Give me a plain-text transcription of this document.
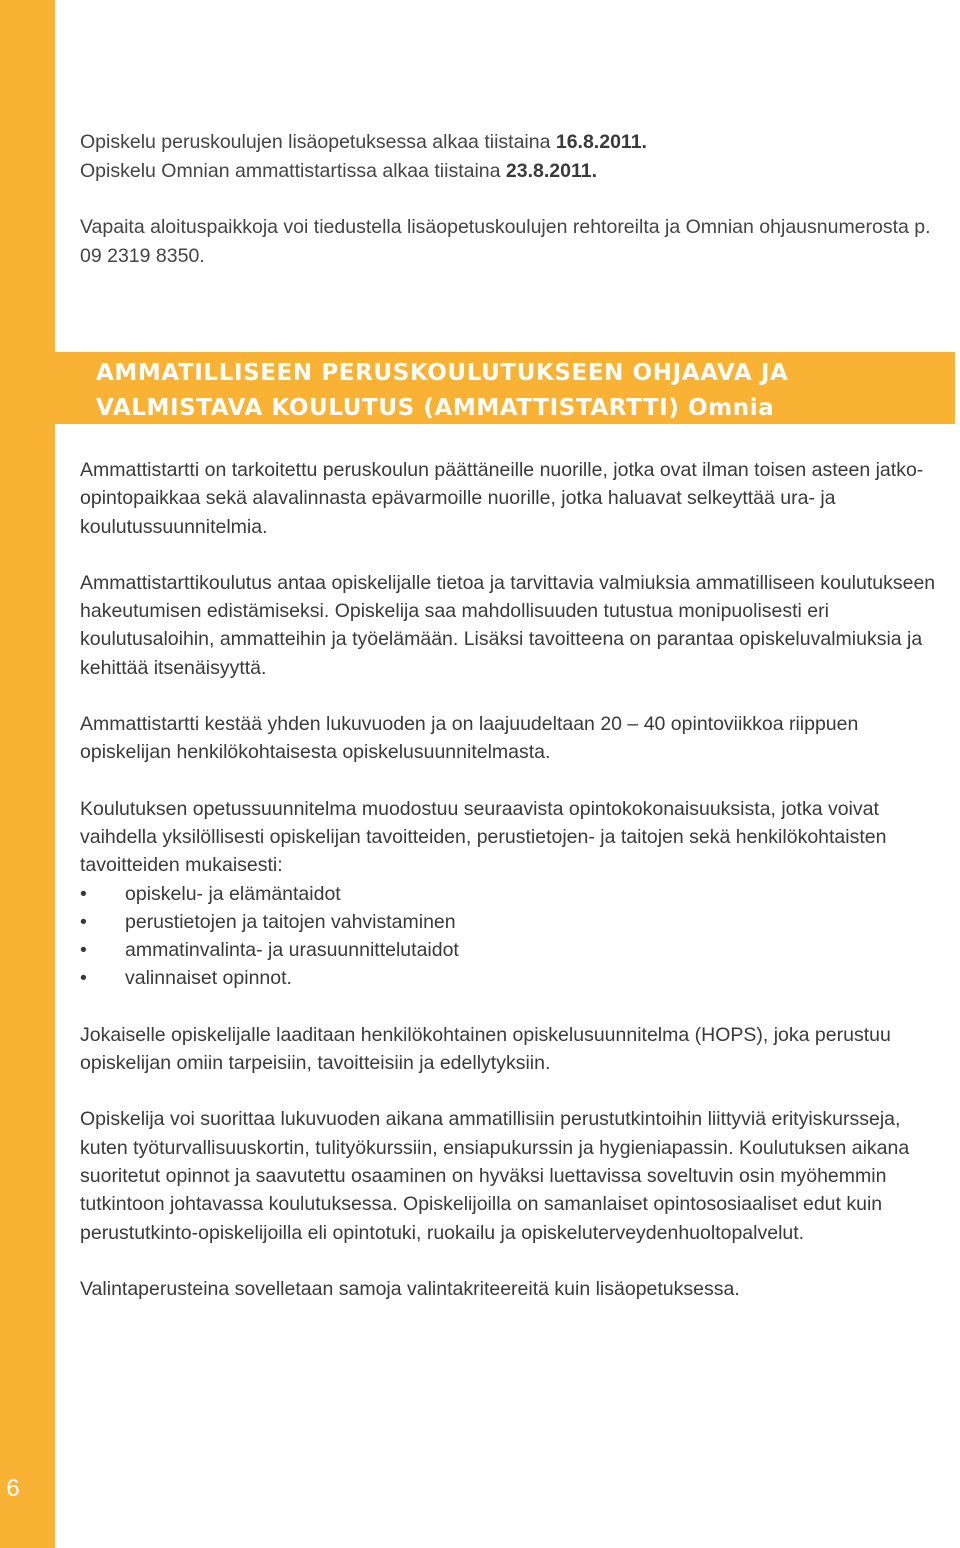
6

Opiskelu peruskoulujen lisäopetuksessa alkaa tiistaina 16.8.2011.

Opiskelu Omnian ammattistartissa alkaa tiistaina 23.8.2011.

Vapaita aloituspaikkoja voi tiedustella lisäopetuskoulujen rehtoreilta ja Omnian ohjausnumerosta p. 09 2319 8350.

AMMATILLISEEN PERUSKOULUTUKSEEN OHJAAVA JA
VALMISTAVA KOULUTUS (AMMATTISTARTTI) Omnia

Ammattistartti on tarkoitettu peruskoulun päättäneille nuorille, jotka ovat ilman toisen asteen jatko-opintopaikkaa sekä alavalinnasta epävarmoille nuorille, jotka haluavat selkeyttää ura- ja koulutussuunnitelmia.

Ammattistarttikoulutus antaa opiskelijalle tietoa ja tarvittavia valmiuksia ammatilliseen koulutukseen hakeutumisen edistämiseksi. Opiskelija saa mahdollisuuden tutustua monipuolisesti eri koulutusaloihin, ammatteihin ja työelämään. Lisäksi tavoitteena on parantaa opiskeluvalmiuksia ja kehittää itsenäisyyttä.

Ammattistartti kestää yhden lukuvuoden ja on laajuudeltaan 20 – 40 opintoviikkoa riippuen opiskelijan henkilökohtaisesta opiskelusuunnitelmasta.

Koulutuksen opetussuunnitelma muodostuu seuraavista opintokokonaisuuksista, jotka voivat vaihdella yksilöllisesti opiskelijan tavoitteiden, perustietojen- ja taitojen sekä henkilökohtaisten tavoitteiden mukaisesti:

• opiskelu- ja elämäntaidot
• perustietojen ja taitojen vahvistaminen
• ammatinvalinta- ja urasuunnittelutaidot
• valinnaiset opinnot.

Jokaiselle opiskelijalle laaditaan henkilökohtainen opiskelusuunnitelma (HOPS), joka perustuu opiskelijan omiin tarpeisiin, tavoitteisiin ja edellytyksiin.

Opiskelija voi suorittaa lukuvuoden aikana ammatillisiin perustutkintoihin liittyviä erityiskursseja, kuten työturvallisuuskortin, tulityökurssiin, ensiapukurssin ja hygieniapassin. Koulutuksen aikana suoritetut opinnot ja saavutettu osaaminen on hyväksi luettavissa soveltuvin osin myöhemmin tutkintoon johtavassa koulutuksessa. Opiskelijoilla on samanlaiset opintososiaaliset edut kuin perustutkinto-opiskelijoilla eli opintotuki, ruokailu ja opiskeluterveydenhuoltopalvelut.

Valintaperusteina sovelletaan samoja valintakriteereitä kuin lisäopetuksessa.
